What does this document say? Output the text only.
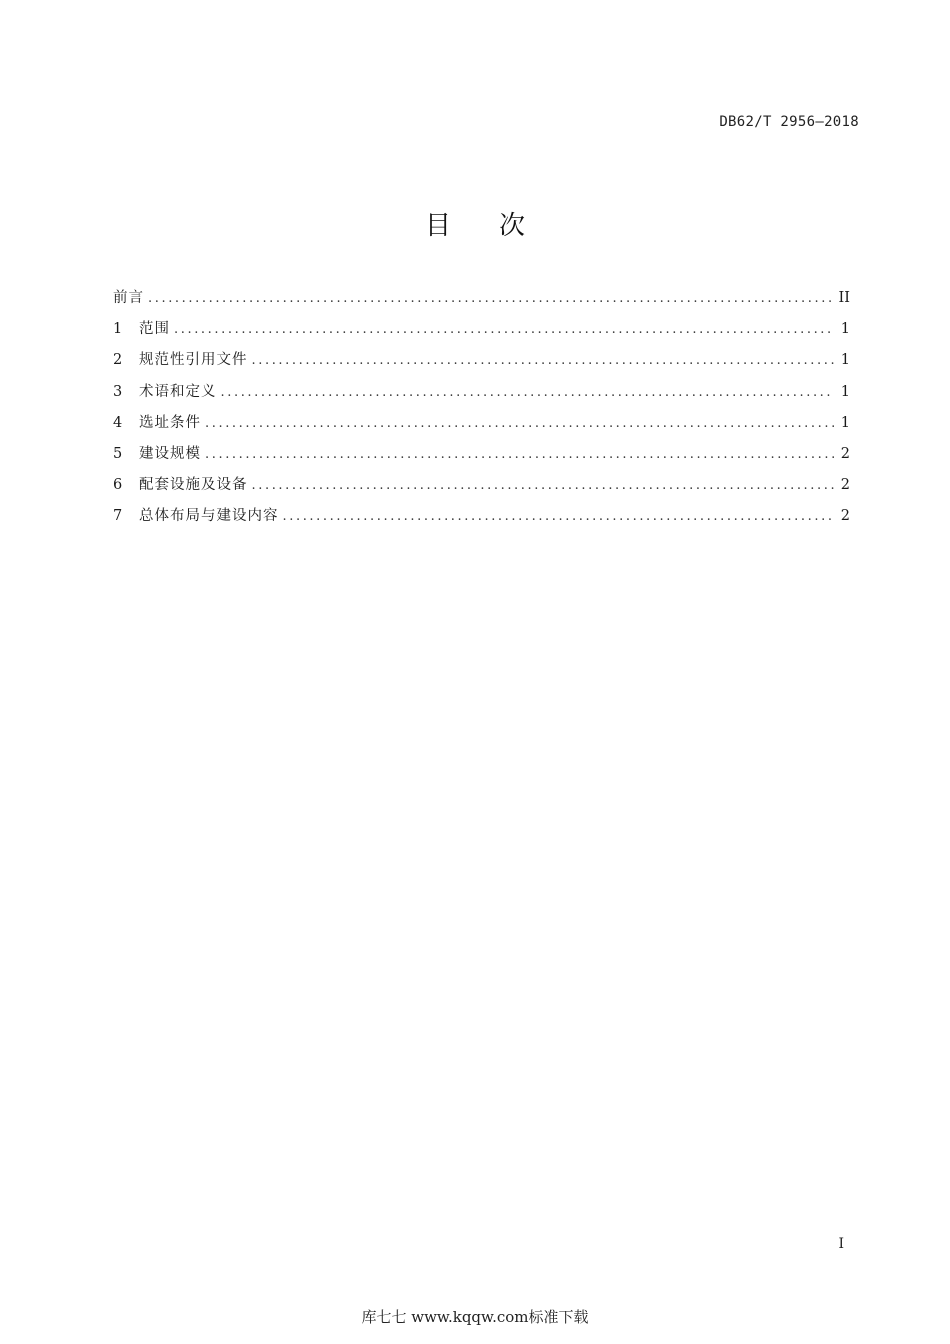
DB62/T 2956—2018
目 次
前言 .....	II
1	范围 .....	1
2	规范性引用文件 .....	1
3	术语和定义 .....	1
4	选址条件 .....	1
5	建设规模 .....	2
6	配套设施及设备 .....	2
7	总体布局与建设内容 .....	2
I
库七七 www.kqqw.com标准下载
